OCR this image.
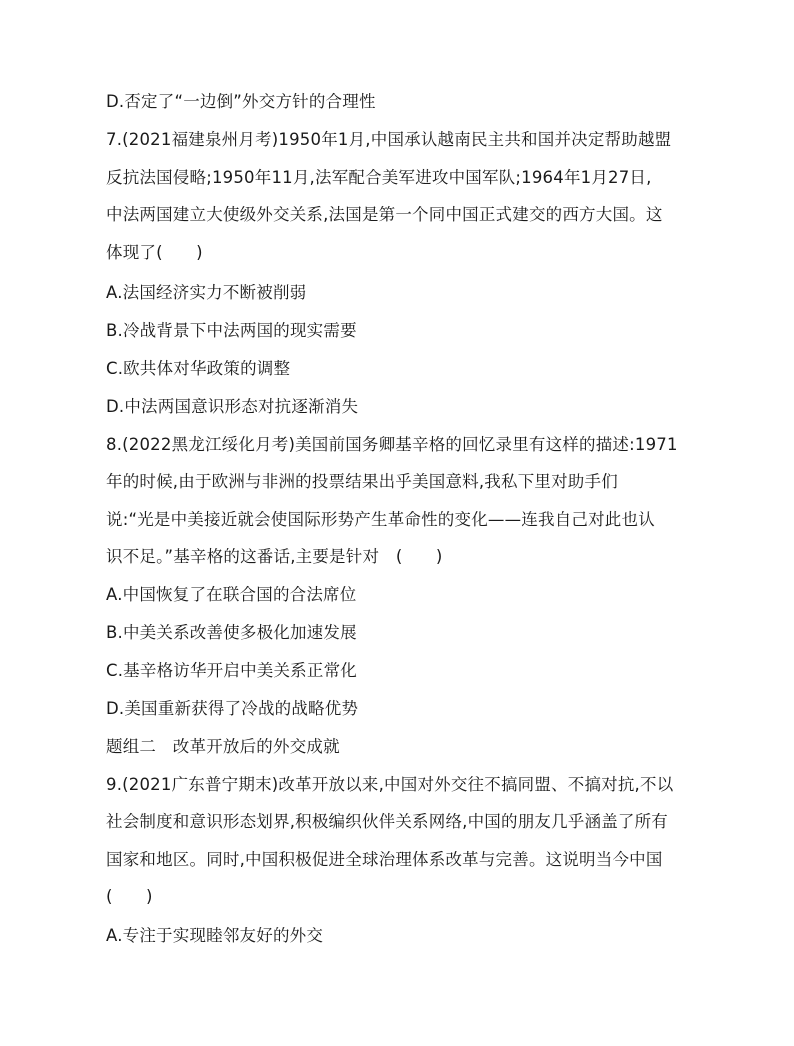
D.否定了“一边倒”外交方针的合理性
7.(2021福建泉州月考)1950年1月,中国承认越南民主共和国并决定帮助越盟
反抗法国侵略;1950年11月,法军配合美军进攻中国军队;1964年1月27日,
中法两国建立大使级外交关系,法国是第一个同中国正式建交的西方大国。这
体现了(　　)
A.法国经济实力不断被削弱
B.冷战背景下中法两国的现实需要
C.欧共体对华政策的调整
D.中法两国意识形态对抗逐渐消失
8.(2022黑龙江绥化月考)美国前国务卿基辛格的回忆录里有这样的描述:1971
年的时候,由于欧洲与非洲的投票结果出乎美国意料,我私下里对助手们
说:“光是中美接近就会使国际形势产生革命性的变化——连我自己对此也认
识不足。”基辛格的这番话,主要是针对　(　　)
A.中国恢复了在联合国的合法席位
B.中美关系改善使多极化加速发展
C.基辛格访华开启中美关系正常化
D.美国重新获得了冷战的战略优势
题组二　改革开放后的外交成就
9.(2021广东普宁期末)改革开放以来,中国对外交往不搞同盟、不搞对抗,不以
社会制度和意识形态划界,积极编织伙伴关系网络,中国的朋友几乎涵盖了所有
国家和地区。同时,中国积极促进全球治理体系改革与完善。这说明当今中国
(　　)
A.专注于实现睦邻友好的外交
